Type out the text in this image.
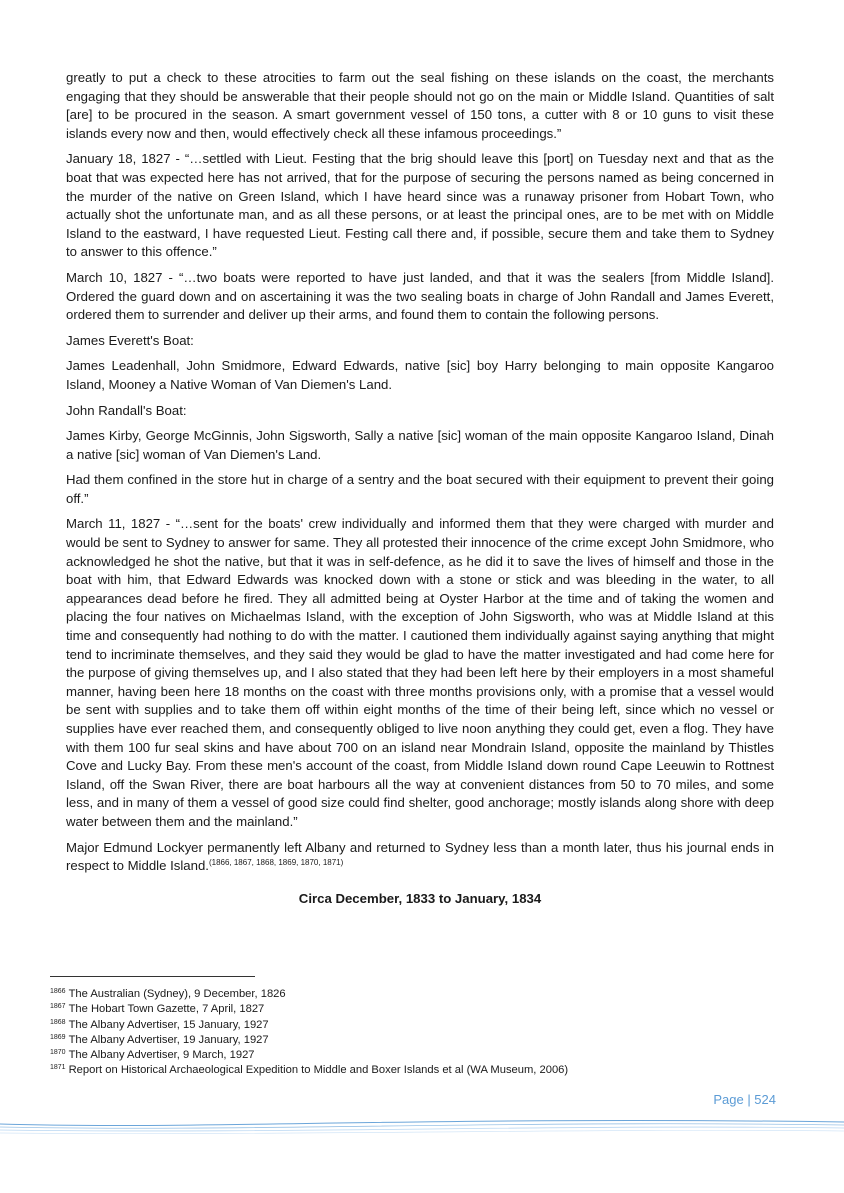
greatly to put a check to these atrocities to farm out the seal fishing on these islands on the coast, the merchants engaging that they should be answerable that their people should not go on the main or Middle Island. Quantities of salt [are] to be procured in the season. A smart government vessel of 150 tons, a cutter with 8 or 10 guns to visit these islands every now and then, would effectively check all these infamous proceedings.”

January 18, 1827 - “…settled with Lieut. Festing that the brig should leave this [port] on Tuesday next and that as the boat that was expected here has not arrived, that for the purpose of securing the persons named as being concerned in the murder of the native on Green Island, which I have heard since was a runaway prisoner from Hobart Town, who actually shot the unfortunate man, and as all these persons, or at least the principal ones, are to be met with on Middle Island to the eastward, I have requested Lieut. Festing call there and, if possible, secure them and take them to Sydney to answer to this offence.”

March 10, 1827 - “…two boats were reported to have just landed, and that it was the sealers [from Middle Island]. Ordered the guard down and on ascertaining it was the two sealing boats in charge of John Randall and James Everett, ordered them to surrender and deliver up their arms, and found them to contain the following persons.

James Everett's Boat:

James Leadenhall, John Smidmore, Edward Edwards, native [sic] boy Harry belonging to main opposite Kangaroo Island, Mooney a Native Woman of Van Diemen's Land.

John Randall's Boat:

James Kirby, George McGinnis, John Sigsworth, Sally a native [sic] woman of the main opposite Kangaroo Island, Dinah a native [sic] woman of Van Diemen's Land.

Had them confined in the store hut in charge of a sentry and the boat secured with their equipment to prevent their going off.”

March 11, 1827 - “…sent for the boats' crew individually and informed them that they were charged with murder and would be sent to Sydney to answer for same. They all protested their innocence of the crime except John Smidmore, who acknowledged he shot the native, but that it was in self-defence, as he did it to save the lives of himself and those in the boat with him, that Edward Edwards was knocked down with a stone or stick and was bleeding in the water, to all appearances dead before he fired. They all admitted being at Oyster Harbor at the time and of taking the women and placing the four natives on Michaelmas Island, with the exception of John Sigsworth, who was at Middle Island at this time and consequently had nothing to do with the matter. I cautioned them individually against saying anything that might tend to incriminate themselves, and they said they would be glad to have the matter investigated and had come here for the purpose of giving themselves up, and I also stated that they had been left here by their employers in a most shameful manner, having been here 18 months on the coast with three months provisions only, with a promise that a vessel would be sent with supplies and to take them off within eight months of the time of their being left, since which no vessel or supplies have ever reached them, and consequently obliged to live noon anything they could get, even a flog. They have with them 100 fur seal skins and have about 700 on an island near Mondrain Island, opposite the mainland by Thistles Cove and Lucky Bay. From these men's account of the coast, from Middle Island down round Cape Leeuwin to Rottnest Island, off the Swan River, there are boat harbours all the way at convenient distances from 50 to 70 miles, and some less, and in many of them a vessel of good size could find shelter, good anchorage; mostly islands along shore with deep water between them and the mainland.”

Major Edmund Lockyer permanently left Albany and returned to Sydney less than a month later, thus his journal ends in respect to Middle Island.$^{(1866, 1867, 1868, 1869, 1870, 1871)}$

Circa December, 1833 to January, 1834
$^{1866}$ The Australian (Sydney), 9 December, 1826
$^{1867}$ The Hobart Town Gazette, 7 April, 1827
$^{1868}$ The Albany Advertiser, 15 January, 1927
$^{1869}$ The Albany Advertiser, 19 January, 1927
$^{1870}$ The Albany Advertiser, 9 March, 1927
$^{1871}$ Report on Historical Archaeological Expedition to Middle and Boxer Islands et al (WA Museum, 2006)
Page | 524
